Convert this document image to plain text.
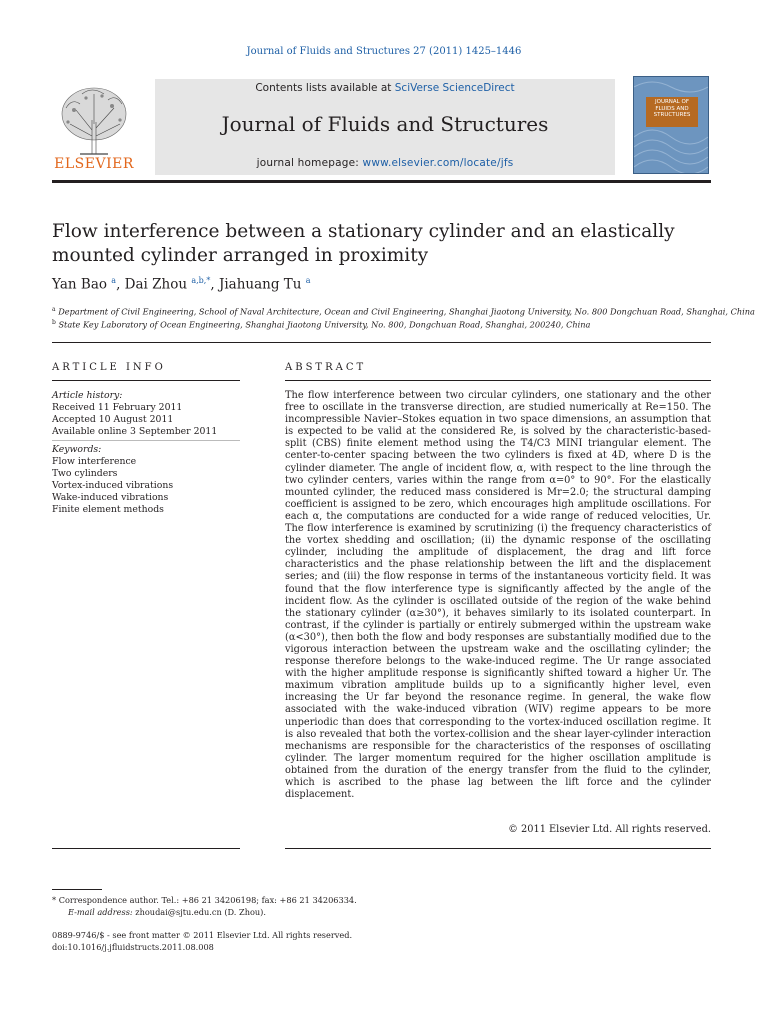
Journal of Fluids and Structures 27 (2011) 1425–1446
ELSEVIER
Contents lists available at SciVerse ScienceDirect
Journal of Fluids and Structures
journal homepage: www.elsevier.com/locate/jfs
JOURNAL OF FLUIDS AND STRUCTURES
Flow interference between a stationary cylinder and an elastically
mounted cylinder arranged in proximity
Yan Bao $^a$, Dai Zhou $^{a,b,*}$, Jiahuang Tu $^a$
$^a$ Department of Civil Engineering, School of Naval Architecture, Ocean and Civil Engineering, Shanghai Jiaotong University, No. 800 Dongchuan Road, Shanghai, China
$^b$ State Key Laboratory of Ocean Engineering, Shanghai Jiaotong University, No. 800, Dongchuan Road, Shanghai, 200240, China
ARTICLE INFO
Article history:
Received 11 February 2011
Accepted 10 August 2011
Available online 3 September 2011
Keywords:
Flow interference
Two cylinders
Vortex-induced vibrations
Wake-induced vibrations
Finite element methods
ABSTRACT
The flow interference between two circular cylinders, one stationary and the other free to oscillate in the transverse direction, are studied numerically at Re=150. The incompressible Navier–Stokes equation in two space dimensions, an assumption that is expected to be valid at the considered Re, is solved by the characteristic-based-split (CBS) finite element method using the T4/C3 MINI triangular element. The center-to-center spacing between the two cylinders is fixed at 4D, where D is the cylinder diameter. The angle of incident flow, α, with respect to the line through the two cylinder centers, varies within the range from α=0° to 90°. For the elastically mounted cylinder, the reduced mass considered is Mr=2.0; the structural damping coefficient is assigned to be zero, which encourages high amplitude oscillations. For each α, the computations are conducted for a wide range of reduced velocities, Ur. The flow interference is examined by scrutinizing (i) the frequency characteristics of the vortex shedding and oscillation; (ii) the dynamic response of the oscillating cylinder, including the amplitude of displacement, the drag and lift force characteristics and the phase relationship between the lift and the displacement series; and (iii) the flow response in terms of the instantaneous vorticity field. It was found that the flow interference type is significantly affected by the angle of the incident flow. As the cylinder is oscillated outside of the region of the wake behind the stationary cylinder (α≥30°), it behaves similarly to its isolated counterpart. In contrast, if the cylinder is partially or entirely submerged within the upstream wake (α<30°), then both the flow and body responses are substantially modified due to the vigorous interaction between the upstream wake and the oscillating cylinder; the response therefore belongs to the wake-induced regime. The Ur range associated with the higher amplitude response is significantly shifted toward a higher Ur. The maximum vibration amplitude builds up to a significantly higher level, even increasing the Ur far beyond the resonance regime. In general, the wake flow associated with the wake-induced vibration (WIV) regime appears to be more unperiodic than does that corresponding to the vortex-induced oscillation regime. It is also revealed that both the vortex-collision and the shear layer-cylinder interaction mechanisms are responsible for the characteristics of the responses of oscillating cylinder. The larger momentum required for the higher oscillation amplitude is obtained from the duration of the energy transfer from the fluid to the cylinder, which is ascribed to the phase lag between the lift force and the cylinder displacement.
© 2011 Elsevier Ltd. All rights reserved.
* Correspondence author. Tel.: +86 21 34206198; fax: +86 21 34206334.
E-mail address: zhoudai@sjtu.edu.cn (D. Zhou).
0889-9746/$ - see front matter © 2011 Elsevier Ltd. All rights reserved.
doi:10.1016/j.jfluidstructs.2011.08.008
